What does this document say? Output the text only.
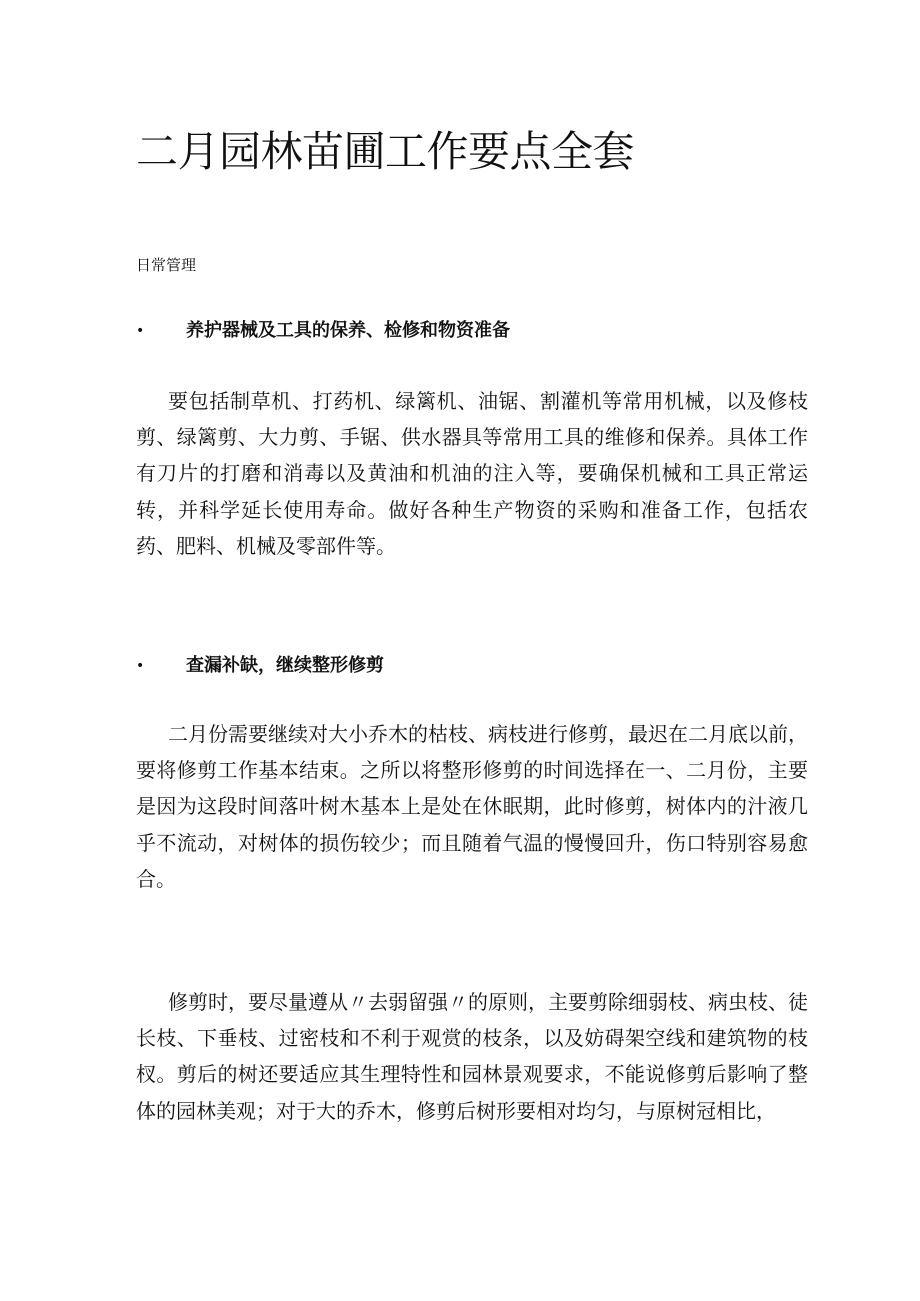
二月园林苗圃工作要点全套

日常管理

• 养护器械及工具的保养、检修和物资准备

要包括制草机、打药机、绿篱机、油锯、割灌机等常用机械，以及修枝剪、绿篱剪、大力剪、手锯、供水器具等常用工具的维修和保养。具体工作有刀片的打磨和消毒以及黄油和机油的注入等，要确保机械和工具正常运转，并科学延长使用寿命。做好各种生产物资的采购和准备工作，包括农药、肥料、机械及零部件等。

• 查漏补缺，继续整形修剪

二月份需要继续对大小乔木的枯枝、病枝进行修剪，最迟在二月底以前，要将修剪工作基本结束。之所以将整形修剪的时间选择在一、二月份，主要是因为这段时间落叶树木基本上是处在休眠期，此时修剪，树体内的汁液几乎不流动，对树体的损伤较少；而且随着气温的慢慢回升，伤口特别容易愈合。

修剪时，要尽量遵从〃去弱留强〃的原则，主要剪除细弱枝、病虫枝、徒长枝、下垂枝、过密枝和不利于观赏的枝条，以及妨碍架空线和建筑物的枝杈。剪后的树还要适应其生理特性和园林景观要求，不能说修剪后影响了整体的园林美观；对于大的乔木，修剪后树形要相对均匀，与原树冠相比，
